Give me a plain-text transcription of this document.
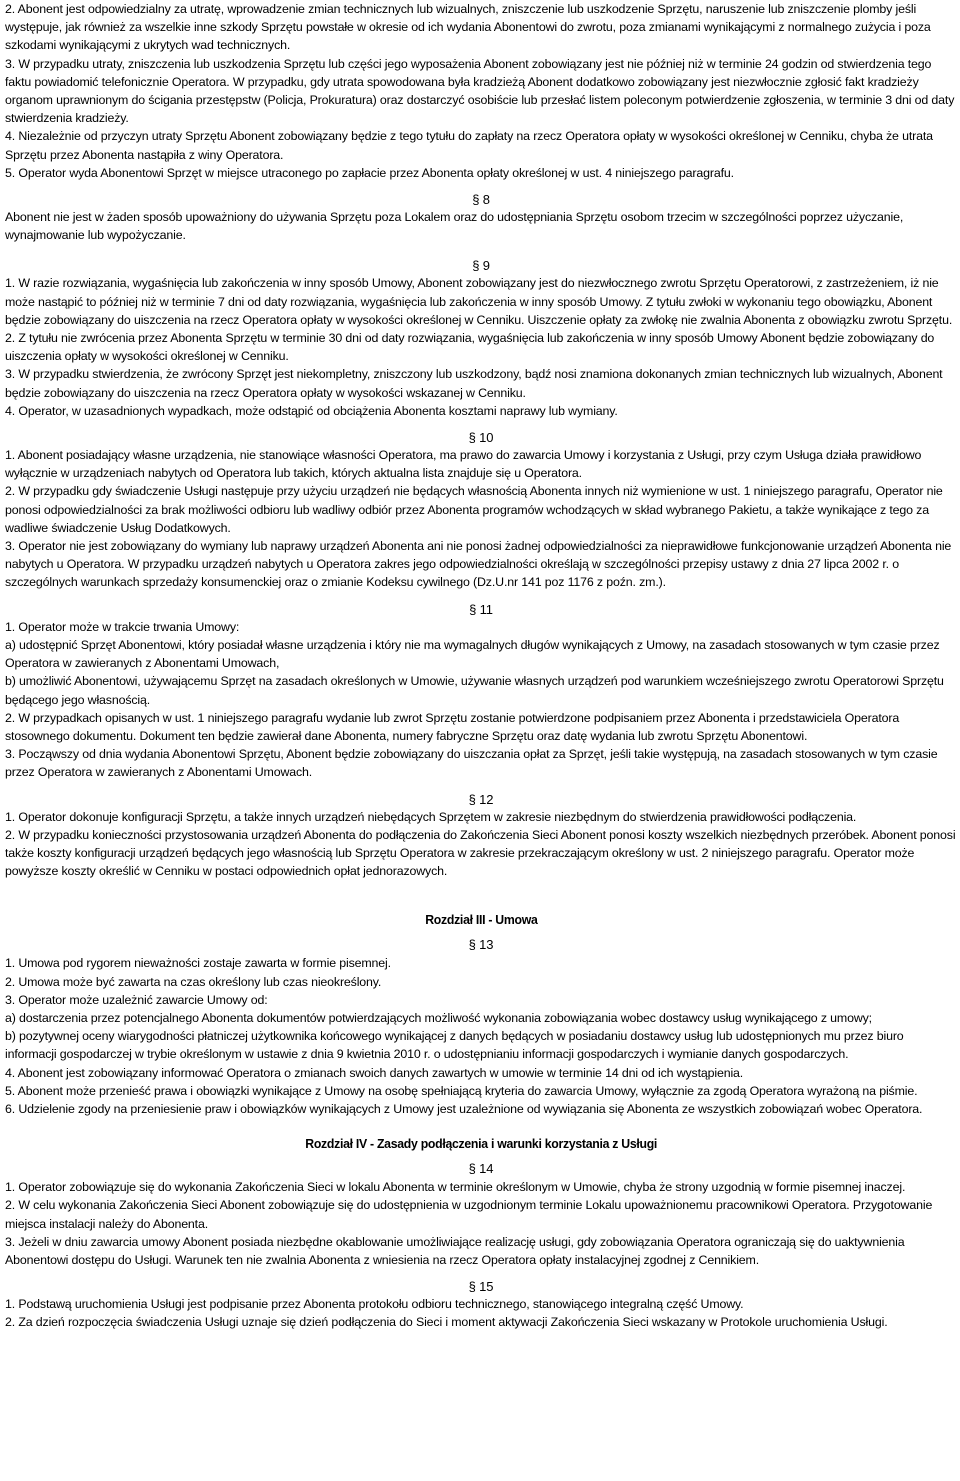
2. Abonent jest odpowiedzialny za utratę, wprowadzenie zmian technicznych lub wizualnych, zniszczenie lub uszkodzenie Sprzętu, naruszenie lub zniszczenie plomby jeśli występuje, jak również za wszelkie inne szkody Sprzętu powstałe w okresie od ich wydania Abonentowi do zwrotu, poza zmianami wynikającymi z normalnego zużycia i poza szkodami wynikającymi z ukrytych wad technicznych.

3. W przypadku utraty, zniszczenia lub uszkodzenia Sprzętu lub części jego wyposażenia Abonent zobowiązany jest nie później niż w terminie 24 godzin od stwierdzenia tego faktu powiadomić telefonicznie Operatora. W przypadku, gdy utrata spowodowana była kradzieżą Abonent dodatkowo zobowiązany jest niezwłocznie zgłosić fakt kradzieży organom uprawnionym do ścigania przestępstw (Policja, Prokuratura) oraz dostarczyć osobiście lub przesłać listem poleconym potwierdzenie zgłoszenia, w terminie 3 dni od daty stwierdzenia kradzieży.

4. Niezależnie od przyczyn utraty Sprzętu Abonent zobowiązany będzie z tego tytułu do zapłaty na rzecz Operatora opłaty w wysokości określonej w Cenniku, chyba że utrata Sprzętu przez Abonenta nastąpiła z winy Operatora.

5. Operator wyda Abonentowi Sprzęt w miejsce utraconego po zapłacie przez Abonenta opłaty określonej w ust. 4 niniejszego paragrafu.

§ 8

Abonent nie jest w żaden sposób upoważniony do używania Sprzętu poza Lokalem oraz do udostępniania Sprzętu osobom trzecim w szczególności poprzez użyczanie, wynajmowanie lub wypożyczanie.

§ 9

1. W razie rozwiązania, wygaśnięcia lub zakończenia w inny sposób Umowy, Abonent zobowiązany jest do niezwłocznego zwrotu Sprzętu Operatorowi, z zastrzeżeniem, iż nie może nastąpić to później niż w terminie 7 dni od daty rozwiązania, wygaśnięcia lub zakończenia w inny sposób Umowy. Z tytułu zwłoki w wykonaniu tego obowiązku, Abonent będzie zobowiązany do uiszczenia na rzecz Operatora opłaty w wysokości określonej w Cenniku. Uiszczenie opłaty za zwłokę nie zwalnia Abonenta z obowiązku zwrotu Sprzętu.

2. Z tytułu nie zwrócenia przez Abonenta Sprzętu w terminie 30 dni od daty rozwiązania, wygaśnięcia lub zakończenia w inny sposób Umowy Abonent będzie zobowiązany do uiszczenia opłaty w wysokości określonej w Cenniku.

3. W przypadku stwierdzenia, że zwrócony Sprzęt jest niekompletny, zniszczony lub uszkodzony, bądź nosi znamiona dokonanych zmian technicznych lub wizualnych, Abonent będzie zobowiązany do uiszczenia na rzecz Operatora opłaty w wysokości wskazanej w Cenniku.

4. Operator, w uzasadnionych wypadkach, może odstąpić od obciążenia Abonenta kosztami naprawy lub wymiany.

§ 10

1. Abonent posiadający własne urządzenia, nie stanowiące własności Operatora, ma prawo do zawarcia Umowy i korzystania z Usługi, przy czym Usługa działa prawidłowo wyłącznie w urządzeniach nabytych od Operatora lub takich, których aktualna lista znajduje się u Operatora.

2. W przypadku gdy świadczenie Usługi następuje przy użyciu urządzeń nie będących własnością Abonenta innych niż wymienione w ust. 1 niniejszego paragrafu, Operator nie ponosi odpowiedzialności za brak możliwości odbioru lub wadliwy odbiór przez Abonenta programów wchodzących w skład wybranego Pakietu, a także wynikające z tego za wadliwe świadczenie Usług Dodatkowych.

3. Operator nie jest zobowiązany do wymiany lub naprawy urządzeń Abonenta ani nie ponosi żadnej odpowiedzialności za nieprawidłowe funkcjonowanie urządzeń Abonenta nie nabytych u Operatora. W przypadku urządzeń nabytych u Operatora zakres jego odpowiedzialności określają w szczególności przepisy ustawy z dnia 27 lipca 2002 r. o szczególnych warunkach sprzedaży konsumenckiej oraz o zmianie Kodeksu cywilnego (Dz.U.nr 141 poz 1176 z poźn. zm.).

§ 11

1. Operator może w trakcie trwania Umowy:

a) udostępnić Sprzęt Abonentowi, który posiadał własne urządzenia i który nie ma wymagalnych długów wynikających z Umowy, na zasadach stosowanych w tym czasie przez Operatora w zawieranych z Abonentami Umowach,

b) umożliwić Abonentowi, używającemu Sprzęt na zasadach określonych w Umowie, używanie własnych urządzeń pod warunkiem wcześniejszego zwrotu Operatorowi Sprzętu będącego jego własnością.

2. W przypadkach opisanych w ust. 1 niniejszego paragrafu wydanie lub zwrot Sprzętu zostanie potwierdzone podpisaniem przez Abonenta i przedstawiciela Operatora stosownego dokumentu. Dokument ten będzie zawierał dane Abonenta, numery fabryczne Sprzętu oraz datę wydania lub zwrotu Sprzętu Abonentowi.

3. Począwszy od dnia wydania Abonentowi Sprzętu, Abonent będzie zobowiązany do uiszczania opłat za Sprzęt, jeśli takie występują, na zasadach stosowanych w tym czasie przez Operatora w zawieranych z Abonentami Umowach.

§ 12

1. Operator dokonuje konfiguracji Sprzętu, a także innych urządzeń niebędących Sprzętem w zakresie niezbędnym do stwierdzenia prawidłowości podłączenia.

2. W przypadku konieczności przystosowania urządzeń Abonenta do podłączenia do Zakończenia Sieci Abonent ponosi koszty wszelkich niezbędnych przeróbek. Abonent ponosi także koszty konfiguracji urządzeń będących jego własnością lub Sprzętu Operatora w zakresie przekraczającym określony w ust. 2 niniejszego paragrafu. Operator może powyższe koszty określić w Cenniku w postaci odpowiednich opłat jednorazowych.

Rozdział III - Umowa

§ 13

1. Umowa pod rygorem nieważności zostaje zawarta w formie pisemnej.

2. Umowa może być zawarta na czas określony lub czas nieokreślony.

3. Operator może uzależnić zawarcie Umowy od:

a) dostarczenia przez potencjalnego Abonenta dokumentów potwierdzających możliwość wykonania zobowiązania wobec dostawcy usług wynikającego z umowy;

b) pozytywnej oceny wiarygodności płatniczej użytkownika końcowego wynikającej z danych będących w posiadaniu dostawcy usług lub udostępnionych mu przez biuro informacji gospodarczej w trybie określonym w ustawie z dnia 9 kwietnia 2010 r. o udostępnianiu informacji gospodarczych i wymianie danych gospodarczych.

4. Abonent jest zobowiązany informować Operatora o zmianach swoich danych zawartych w umowie w terminie 14 dni od ich wystąpienia.

5. Abonent może przenieść prawa i obowiązki wynikające z Umowy na osobę spełniającą kryteria do zawarcia Umowy, wyłącznie za zgodą Operatora wyrażoną na piśmie.

6. Udzielenie zgody na przeniesienie praw i obowiązków wynikających z Umowy jest uzależnione od wywiązania się Abonenta ze wszystkich zobowiązań wobec Operatora.

Rozdział IV - Zasady podłączenia i warunki korzystania z Usługi

§ 14

1. Operator zobowiązuje się do wykonania Zakończenia Sieci w lokalu Abonenta w terminie określonym w Umowie, chyba że strony uzgodnią w formie pisemnej inaczej.

2. W celu wykonania Zakończenia Sieci Abonent zobowiązuje się do udostępnienia w uzgodnionym terminie Lokalu upoważnionemu pracownikowi Operatora. Przygotowanie miejsca instalacji należy do Abonenta.

3. Jeżeli w dniu zawarcia umowy Abonent posiada niezbędne okablowanie umożliwiające realizację usługi, gdy zobowiązania Operatora ograniczają się do uaktywnienia Abonentowi dostępu do Usługi. Warunek ten nie zwalnia Abonenta z wniesienia na rzecz Operatora opłaty instalacyjnej zgodnej z Cennikiem.

§ 15

1. Podstawą uruchomienia Usługi jest podpisanie przez Abonenta protokołu odbioru technicznego, stanowiącego integralną część Umowy.

2. Za dzień rozpoczęcia świadczenia Usługi uznaje się dzień podłączenia do Sieci i moment aktywacji Zakończenia Sieci wskazany w Protokole uruchomienia Usługi.
